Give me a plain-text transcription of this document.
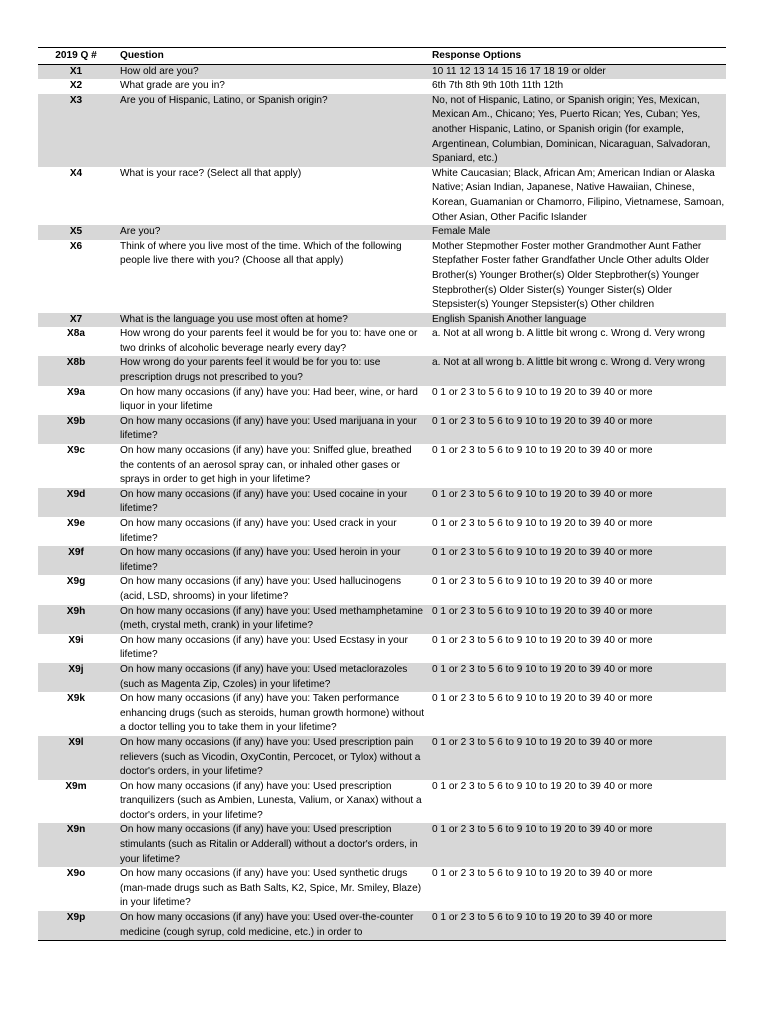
2019 Q #	Question	Response Options
X1	How old are you?	10 11 12 13 14 15 16 17 18 19 or older
X2	What grade are you in?	6th 7th 8th 9th 10th 11th 12th
X3	Are you of Hispanic, Latino, or Spanish origin?	No, not of Hispanic, Latino, or Spanish origin; Yes, Mexican, Mexican Am., Chicano; Yes, Puerto Rican; Yes, Cuban; Yes, another Hispanic, Latino, or Spanish origin (for example, Argentinean, Columbian, Dominican, Nicaraguan, Salvadoran, Spaniard, etc.)
X4	What is your race? (Select all that apply)	White Caucasian; Black, African Am; American Indian or Alaska Native; Asian Indian, Japanese, Native Hawaiian, Chinese, Korean, Guamanian or Chamorro, Filipino, Vietnamese, Samoan, Other Asian, Other Pacific Islander
X5	Are you?	Female Male
X6	Think of where you live most of the time. Which of the following people live there with you? (Choose all that apply)	Mother Stepmother Foster mother Grandmother Aunt Father Stepfather Foster father Grandfather Uncle Other adults Older Brother(s) Younger Brother(s) Older Stepbrother(s) Younger Stepbrother(s) Older Sister(s) Younger Sister(s) Older Stepsister(s) Younger Stepsister(s) Other children
X7	What is the language you use most often at home?	English Spanish Another language
X8a	How wrong do your parents feel it would be for you to: have one or two drinks of alcoholic beverage nearly every day?	a. Not at all wrong b. A little bit wrong c. Wrong d. Very wrong
X8b	How wrong do your parents feel it would be for you to: use prescription drugs not prescribed to you?	a. Not at all wrong b. A little bit wrong c. Wrong d. Very wrong
X9a	On how many occasions (if any) have you: Had beer, wine, or hard liquor in your lifetime	0 1 or 2 3 to 5 6 to 9 10 to 19 20 to 39 40 or more
X9b	On how many occasions (if any) have you: Used marijuana in your lifetime?	0 1 or 2 3 to 5 6 to 9 10 to 19 20 to 39 40 or more
X9c	On how many occasions (if any) have you: Sniffed glue, breathed the contents of an aerosol spray can, or inhaled other gases or sprays in order to get high in your lifetime?	0 1 or 2 3 to 5 6 to 9 10 to 19 20 to 39 40 or more
X9d	On how many occasions (if any) have you: Used cocaine in your lifetime?	0 1 or 2 3 to 5 6 to 9 10 to 19 20 to 39 40 or more
X9e	On how many occasions (if any) have you: Used crack in your lifetime?	0 1 or 2 3 to 5 6 to 9 10 to 19 20 to 39 40 or more
X9f	On how many occasions (if any) have you: Used heroin in your lifetime?	0 1 or 2 3 to 5 6 to 9 10 to 19 20 to 39 40 or more
X9g	On how many occasions (if any) have you: Used hallucinogens (acid, LSD, shrooms) in your lifetime?	0 1 or 2 3 to 5 6 to 9 10 to 19 20 to 39 40 or more
X9h	On how many occasions (if any) have you: Used methamphetamine (meth, crystal meth, crank) in your lifetime?	0 1 or 2 3 to 5 6 to 9 10 to 19 20 to 39 40 or more
X9i	On how many occasions (if any) have you: Used Ecstasy in your lifetime?	0 1 or 2 3 to 5 6 to 9 10 to 19 20 to 39 40 or more
X9j	On how many occasions (if any) have you: Used metaclorazoles (such as Magenta Zip, Czoles) in your lifetime?	0 1 or 2 3 to 5 6 to 9 10 to 19 20 to 39 40 or more
X9k	On how many occasions (if any) have you: Taken performance enhancing drugs (such as steroids, human growth hormone) without a doctor telling you to take them in your lifetime?	0 1 or 2 3 to 5 6 to 9 10 to 19 20 to 39 40 or more
X9l	On how many occasions (if any) have you: Used prescription pain relievers (such as Vicodin, OxyContin, Percocet, or Tylox) without a doctor's orders, in your lifetime?	0 1 or 2 3 to 5 6 to 9 10 to 19 20 to 39 40 or more
X9m	On how many occasions (if any) have you: Used prescription tranquilizers (such as Ambien, Lunesta, Valium, or Xanax) without a doctor's orders, in your lifetime?	0 1 or 2 3 to 5 6 to 9 10 to 19 20 to 39 40 or more
X9n	On how many occasions (if any) have you: Used prescription stimulants (such as Ritalin or Adderall) without a doctor's orders, in your lifetime?	0 1 or 2 3 to 5 6 to 9 10 to 19 20 to 39 40 or more
X9o	On how many occasions (if any) have you: Used synthetic drugs (man-made drugs such as Bath Salts, K2, Spice, Mr. Smiley, Blaze) in your lifetime?	0 1 or 2 3 to 5 6 to 9 10 to 19 20 to 39 40 or more
X9p	On how many occasions (if any) have you: Used over-the-counter medicine (cough syrup, cold medicine, etc.) in order to	0 1 or 2 3 to 5 6 to 9 10 to 19 20 to 39 40 or more
